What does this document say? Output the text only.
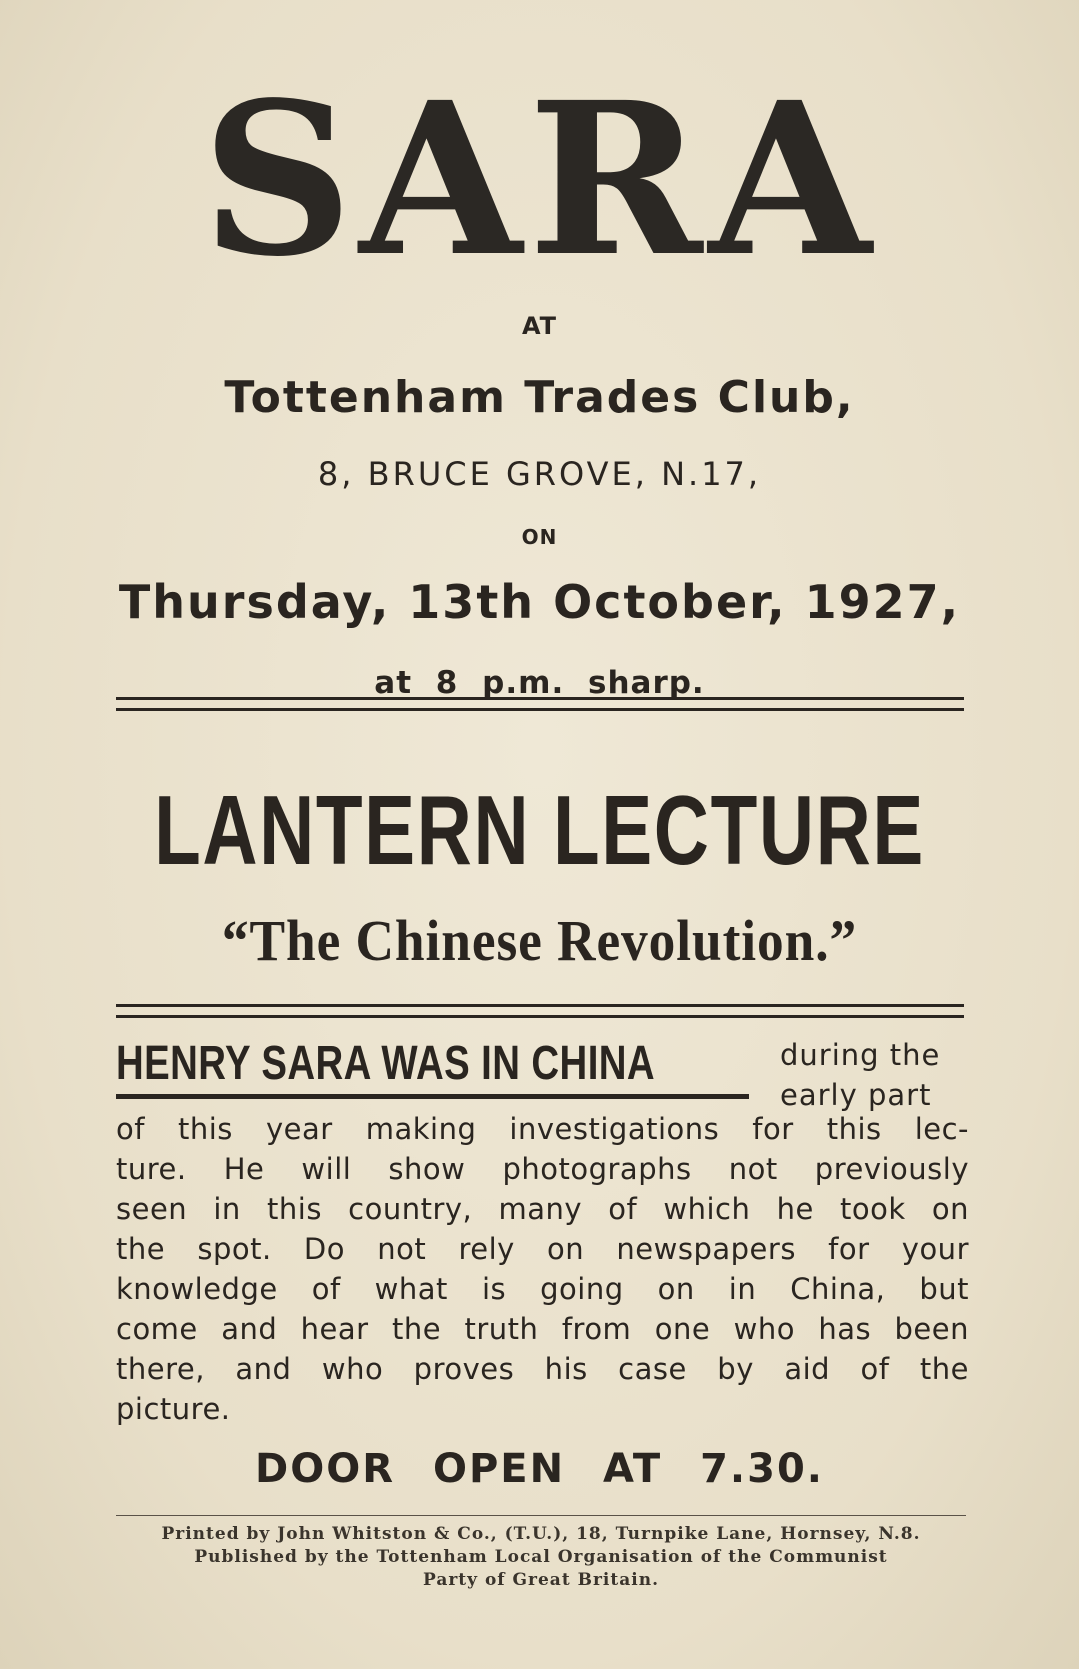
SARA
AT
Tottenham Trades Club,
8, BRUCE GROVE, N.17,
ON
Thursday, 13th October, 1927,
at 8 p.m. sharp.
LANTERN LECTURE
“The Chinese Revolution.”
HENRY SARA WAS IN CHINA	during the
early part
of this year making investigations for this lec-
ture. He will show photographs not previously
seen in this country, many of which he took on
the spot. Do not rely on newspapers for your
knowledge of what is going on in China, but
come and hear the truth from one who has been
there, and who proves his case by aid of the
picture.
DOOR OPEN AT 7.30.
Printed by John Whitston & Co., (T.U.), 18, Turnpike Lane, Hornsey, N.8.
Published by the Tottenham Local Organisation of the Communist
Party of Great Britain.
